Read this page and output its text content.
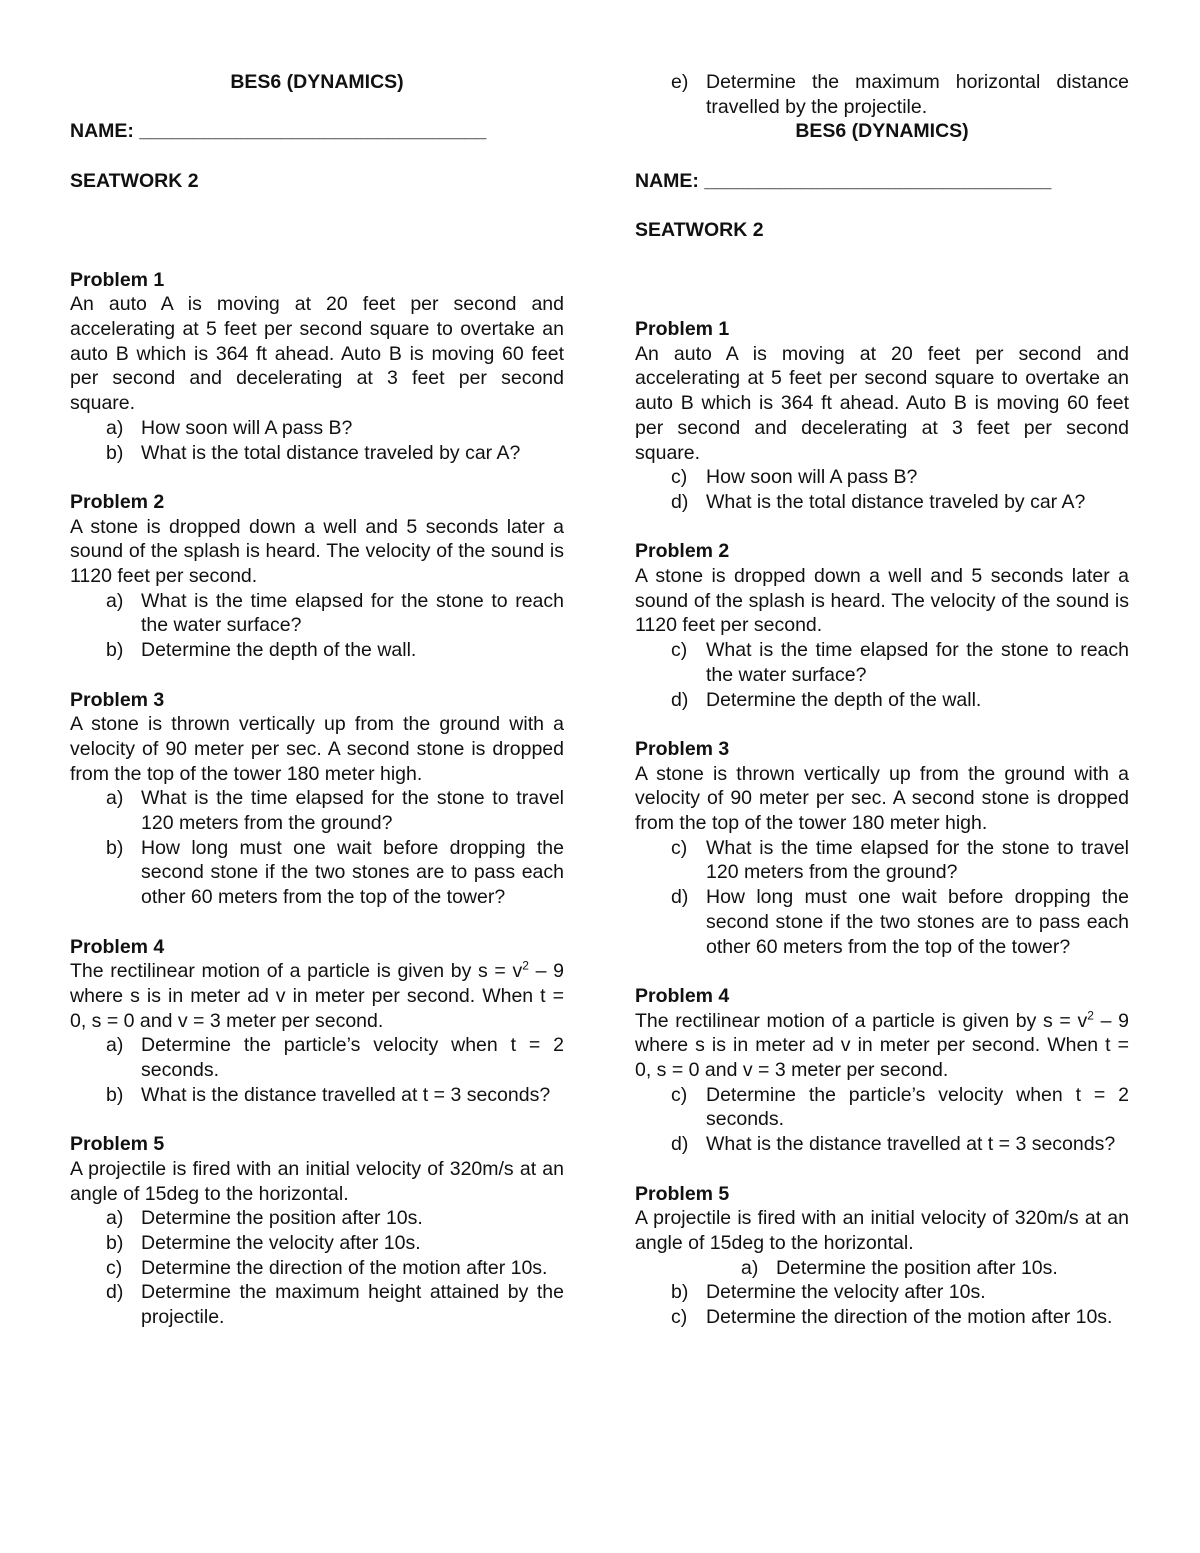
BES6 (DYNAMICS)

NAME: ________________________________

SEATWORK 2

Problem 1

An auto A is moving at 20 feet per second and accelerating at 5 feet per second square to overtake an auto B which is 364 ft ahead. Auto B is moving 60 feet per second and decelerating at 3 feet per second square.

a) How soon will A pass B?
b) What is the total distance traveled by car A?

Problem 2

A stone is dropped down a well and 5 seconds later a sound of the splash is heard. The velocity of the sound is 1120 feet per second.

a) What is the time elapsed for the stone to reach the water surface?
b) Determine the depth of the wall.

Problem 3

A stone is thrown vertically up from the ground with a velocity of 90 meter per sec. A second stone is dropped from the top of the tower 180 meter high.

a) What is the time elapsed for the stone to travel 120 meters from the ground?
b) How long must one wait before dropping the second stone if the two stones are to pass each other 60 meters from the top of the tower?

Problem 4

The rectilinear motion of a particle is given by $s = v^2 - 9$ where s is in meter ad v in meter per second. When t = 0, s = 0 and v = 3 meter per second.

a) Determine the particle’s velocity when t = 2 seconds.
b) What is the distance travelled at t = 3 seconds?

Problem 5

A projectile is fired with an initial velocity of 320m/s at an angle of 15deg to the horizontal.

a) Determine the position after 10s.
b) Determine the velocity after 10s.
c) Determine the direction of the motion after 10s.
d) Determine the maximum height attained by the projectile.
e) Determine the maximum horizontal distance travelled by the projectile.

BES6 (DYNAMICS)

NAME: ________________________________

SEATWORK 2

Problem 1

An auto A is moving at 20 feet per second and accelerating at 5 feet per second square to overtake an auto B which is 364 ft ahead. Auto B is moving 60 feet per second and decelerating at 3 feet per second square.

c) How soon will A pass B?
d) What is the total distance traveled by car A?

Problem 2

A stone is dropped down a well and 5 seconds later a sound of the splash is heard. The velocity of the sound is 1120 feet per second.

c) What is the time elapsed for the stone to reach the water surface?
d) Determine the depth of the wall.

Problem 3

A stone is thrown vertically up from the ground with a velocity of 90 meter per sec. A second stone is dropped from the top of the tower 180 meter high.

c) What is the time elapsed for the stone to travel 120 meters from the ground?
d) How long must one wait before dropping the second stone if the two stones are to pass each other 60 meters from the top of the tower?

Problem 4

The rectilinear motion of a particle is given by $s = v^2 - 9$ where s is in meter ad v in meter per second. When t = 0, s = 0 and v = 3 meter per second.

c) Determine the particle’s velocity when t = 2 seconds.
d) What is the distance travelled at t = 3 seconds?

Problem 5

A projectile is fired with an initial velocity of 320m/s at an angle of 15deg to the horizontal.

a) Determine the position after 10s.
b) Determine the velocity after 10s.
c) Determine the direction of the motion after 10s.
